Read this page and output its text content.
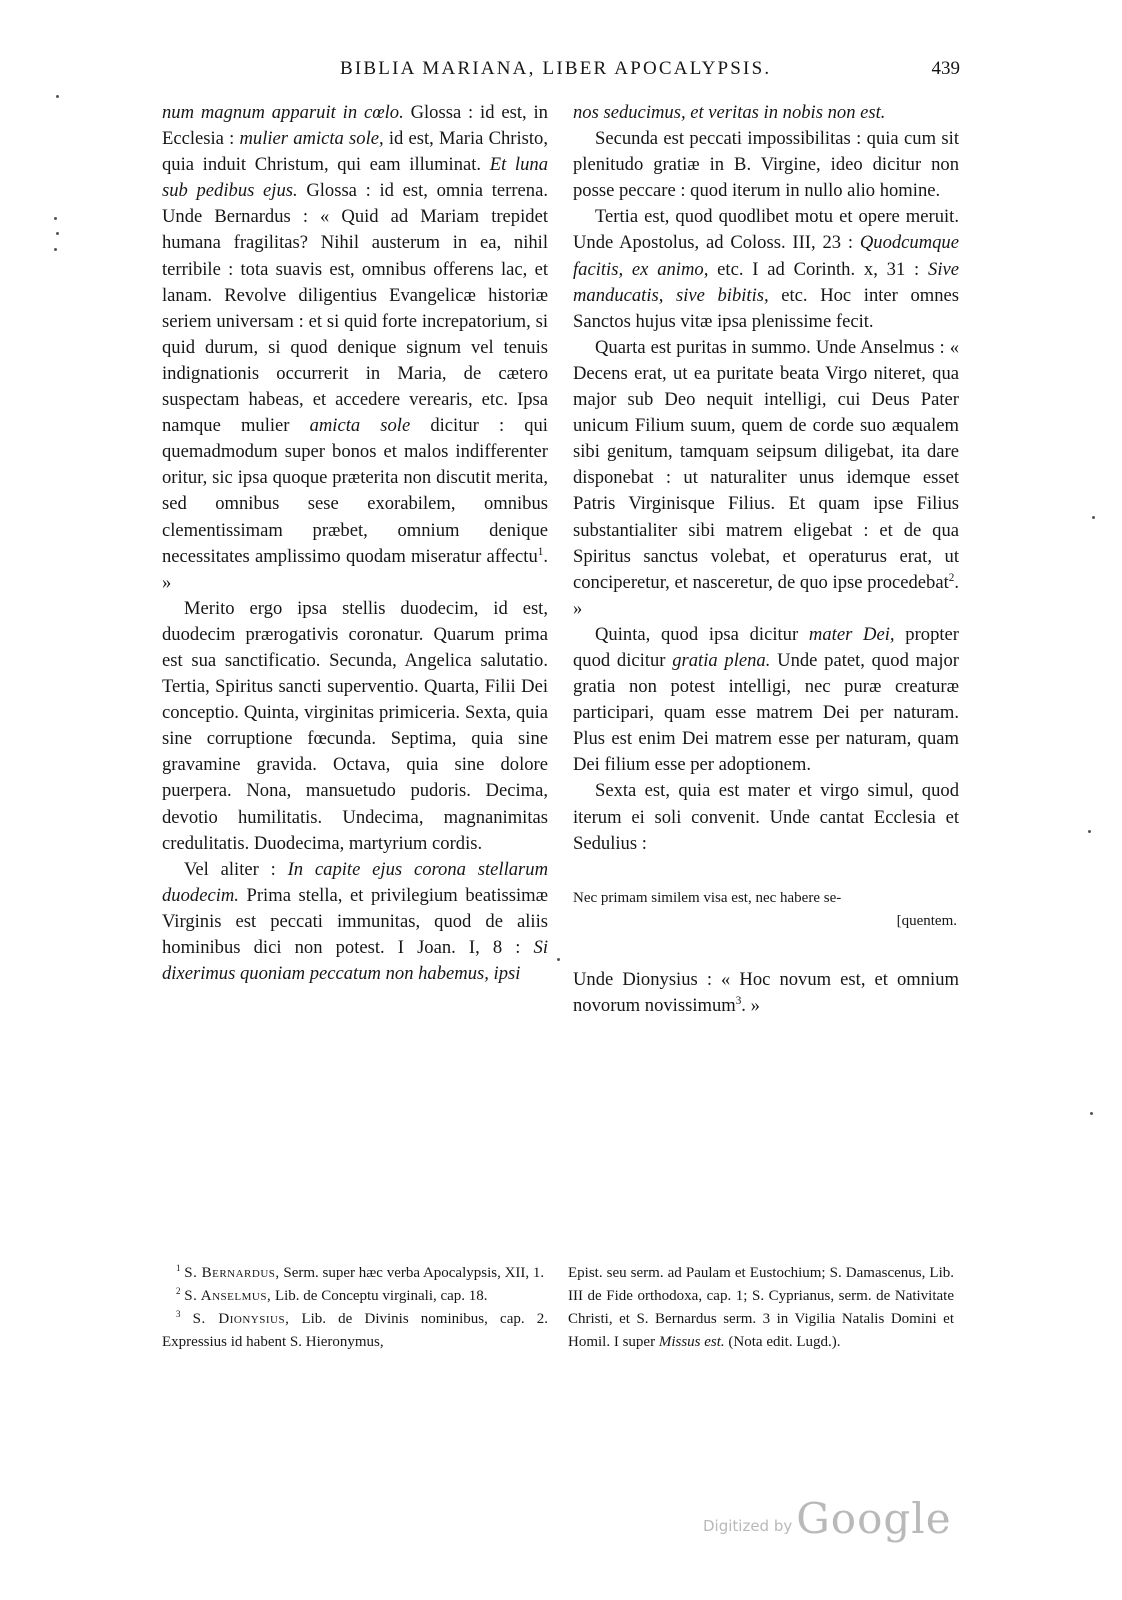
BIBLIA MARIANA, LIBER APOCALYPSIS.	439

num magnum apparuit in cœlo. Glossa : id est, in Ecclesia : mulier amicta sole, id est, Maria Christo, quia induit Christum, qui eam illuminat. Et luna sub pedibus ejus. Glossa : id est, omnia terrena. Unde Bernardus : « Quid ad Mariam trepidet humana fragilitas? Nihil austerum in ea, nihil terribile : tota suavis est, omnibus offerens lac, et lanam. Revolve diligentius Evangelicæ historiæ seriem universam : et si quid forte increpatorium, si quid durum, si quod denique signum vel tenuis indignationis occurrerit in Maria, de cætero suspectam habeas, et accedere verearis, etc. Ipsa namque mulier amicta sole dicitur : qui quemadmodum super bonos et malos indifferenter oritur, sic ipsa quoque præterita non discutit merita, sed omnibus sese exorabilem, omnibus clementissimam præbet, omnium denique necessitates amplissimo quodam miseratur affectu$^1$. »

Merito ergo ipsa stellis duodecim, id est, duodecim prærogativis coronatur. Quarum prima est sua sanctificatio. Secunda, Angelica salutatio. Tertia, Spiritus sancti superventio. Quarta, Filii Dei conceptio. Quinta, virginitas primiceria. Sexta, quia sine corruptione fœcunda. Septima, quia sine gravamine gravida. Octava, quia sine dolore puerpera. Nona, mansuetudo pudoris. Decima, devotio humilitatis. Undecima, magnanimitas credulitatis. Duodecima, martyrium cordis.

Vel aliter : In capite ejus corona stellarum duodecim. Prima stella, et privilegium beatissimæ Virginis est peccati immunitas, quod de aliis hominibus dici non potest. I Joan. I, 8 : Si dixerimus quoniam peccatum non habemus, ipsi

nos seducimus, et veritas in nobis non est.

Secunda est peccati impossibilitas : quia cum sit plenitudo gratiæ in B. Virgine, ideo dicitur non posse peccare : quod iterum in nullo alio homine.

Tertia est, quod quodlibet motu et opere meruit. Unde Apostolus, ad Coloss. III, 23 : Quodcumque facitis, ex animo, etc. I ad Corinth. x, 31 : Sive manducatis, sive bibitis, etc. Hoc inter omnes Sanctos hujus vitæ ipsa plenissime fecit.

Quarta est puritas in summo. Unde Anselmus : « Decens erat, ut ea puritate beata Virgo niteret, qua major sub Deo nequit intelligi, cui Deus Pater unicum Filium suum, quem de corde suo æqualem sibi genitum, tamquam seipsum diligebat, ita dare disponebat : ut naturaliter unus idemque esset Patris Virginisque Filius. Et quam ipse Filius substantialiter sibi matrem eligebat : et de qua Spiritus sanctus volebat, et operaturus erat, ut conciperetur, et nasceretur, de quo ipse procedebat$^2$. »

Quinta, quod ipsa dicitur mater Dei, propter quod dicitur gratia plena. Unde patet, quod major gratia non potest intelligi, nec puræ creaturæ participari, quam esse matrem Dei per naturam. Plus est enim Dei matrem esse per naturam, quam Dei filium esse per adoptionem.

Sexta est, quia est mater et virgo simul, quod iterum ei soli convenit. Unde cantat Ecclesia et Sedulius :

Nec primam similem visa est, nec habere se-
[quentem.

Unde Dionysius : « Hoc novum est, et omnium novorum novissimum$^3$. »

$^1$ S. Bernardus, Serm. super hæc verba Apocalypsis, XII, 1.

$^2$ S. Anselmus, Lib. de Conceptu virginali, cap. 18.

$^3$ S. Dionysius, Lib. de Divinis nominibus, cap. 2. Expressius id habent S. Hieronymus,

Epist. seu serm. ad Paulam et Eustochium; S. Damascenus, Lib. III de Fide orthodoxa, cap. 1; S. Cyprianus, serm. de Nativitate Christi, et S. Bernardus serm. 3 in Vigilia Natalis Domini et Homil. I super Missus est. (Nota edit. Lugd.).

Digitized by Google
